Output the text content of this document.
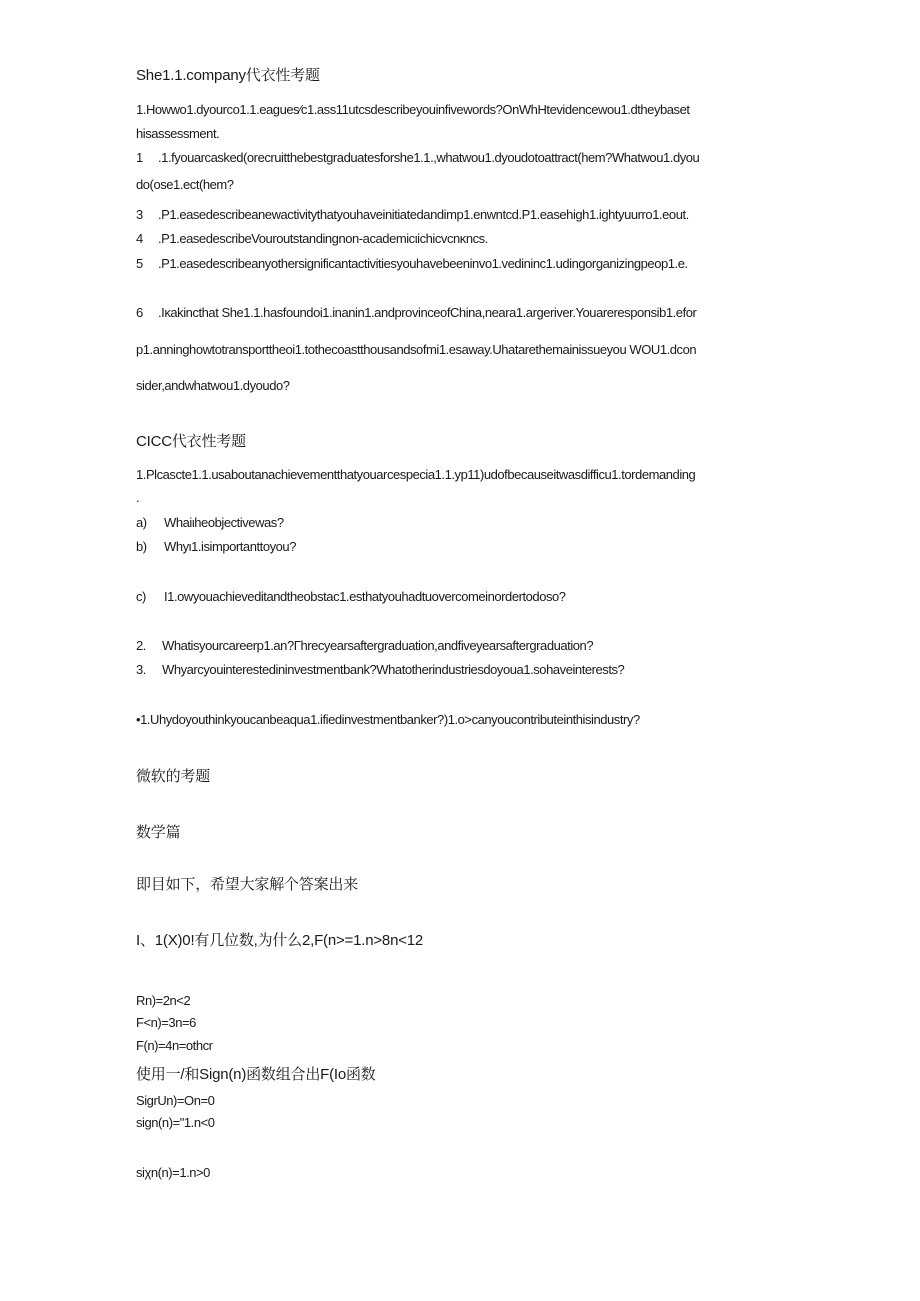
She1.1.company代衣性考题
1.Howwo1.dyourco1.1.eagues∕c1.ass11utcsdescribeyouinfivewords?OnWhHtevidencewou1.dtheybaset
hisassessment.
1 .1.fyouarcasked(orecruitthebestgraduatesforshe1.1.,whatwou1.dyoudotoattract(hem?Whatwou1.dyou
do(ose1.ect(hem?
3 .P1.easedescribeanewactivitythatyouhaveinitiatedandimp1.enwntcd.P1.easehigh1.ightyuurro1.eout.
4 .P1.easedescribeVouroutstandingnon-academicιichicvcnκncs.
5 .P1.easedescribeanyothersignificantactivitiesyouhavebeeninvo1.vedininc1.udingorganizingpeop1.e.
6 .Iκakincthat She1.1.hasfoundoi1.inanin1.andprovinceofChina,neara1.argeriver.Youareresponsib1.efor
p1.anninghowtotransporttheoi1.tothecoastthousandsofmi1.esaway.Uhatarethemainissueyou WOU1.dcon
sider,andwhatwou1.dyoudo?
CICC代衣性考题
1.Plcascte1.1.usaboutanachievementthatyouarcespecia1.1.yp11)udofbecauseitwasdifficu1.tordemanding
.
a) Whaiιheobjectivewas?
b) Whyι1.isimportanttoyou?
c) I1.owyouachieveditandtheobstac1.esthatyouhadtuovercomeinordertodoso?
2. Whatisyourcareerp1.an?Γhrecyearsaftergraduation,andfiveyearsaftergraduation?
3. Whyarcyouinterestedininvestmentbank?Whatotherindustriesdoyoua1.sohaveinterests?
•1.Uhydoyouthinkyoucanbeaqua1.ifiedinvestmentbanker?)1.o>canyoucontributeinthisindustry?
微软的考题
数学篇
即目如下，希望大家解个答案出来
I、1(X)0!有几位数,为什么2,F(n>=1.n>8n<12
Rn)=2n<2
F<n)=3n=6
F(n)=4n=othcr
使用一/和Sign(n)函数组合出F(Io函数
SigrUn)=On=0
sign(n)="1.n<0
siχn(n)=1.n>0
